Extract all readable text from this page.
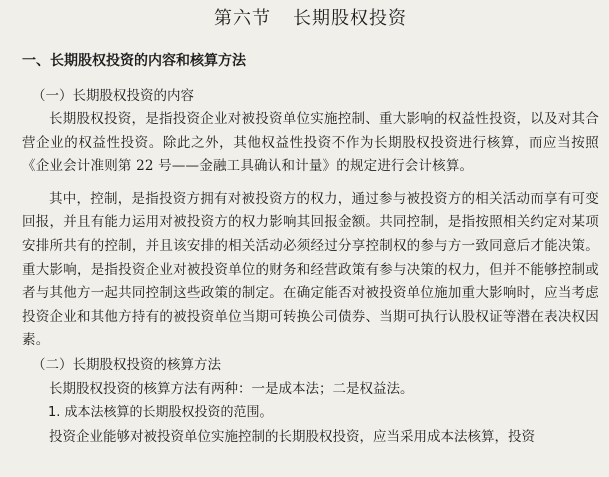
第六节 长期股权投资
一、长期股权投资的内容和核算方法
（一）长期股权投资的内容

长期股权投资，是指投资企业对被投资单位实施控制、重大影响的权益性投资，以及对其合营企业的权益性投资。除此之外，其他权益性投资不作为长期股权投资进行核算，而应当按照《企业会计准则第 22 号——金融工具确认和计量》的规定进行会计核算。

其中，控制，是指投资方拥有对被投资方的权力，通过参与被投资方的相关活动而享有可变回报，并且有能力运用对被投资方的权力影响其回报金额。共同控制，是指按照相关约定对某项安排所共有的控制，并且该安排的相关活动必须经过分享控制权的参与方一致同意后才能决策。重大影响，是指投资企业对被投资单位的财务和经营政策有参与决策的权力，但并不能够控制或者与其他方一起共同控制这些政策的制定。在确定能否对被投资单位施加重大影响时，应当考虑投资企业和其他方持有的被投资单位当期可转换公司债券、当期可执行认股权证等潜在表决权因素。

（二）长期股权投资的核算方法

长期股权投资的核算方法有两种：一是成本法；二是权益法。

1. 成本法核算的长期股权投资的范围。

投资企业能够对被投资单位实施控制的长期股权投资，应当采用成本法核算，投资
